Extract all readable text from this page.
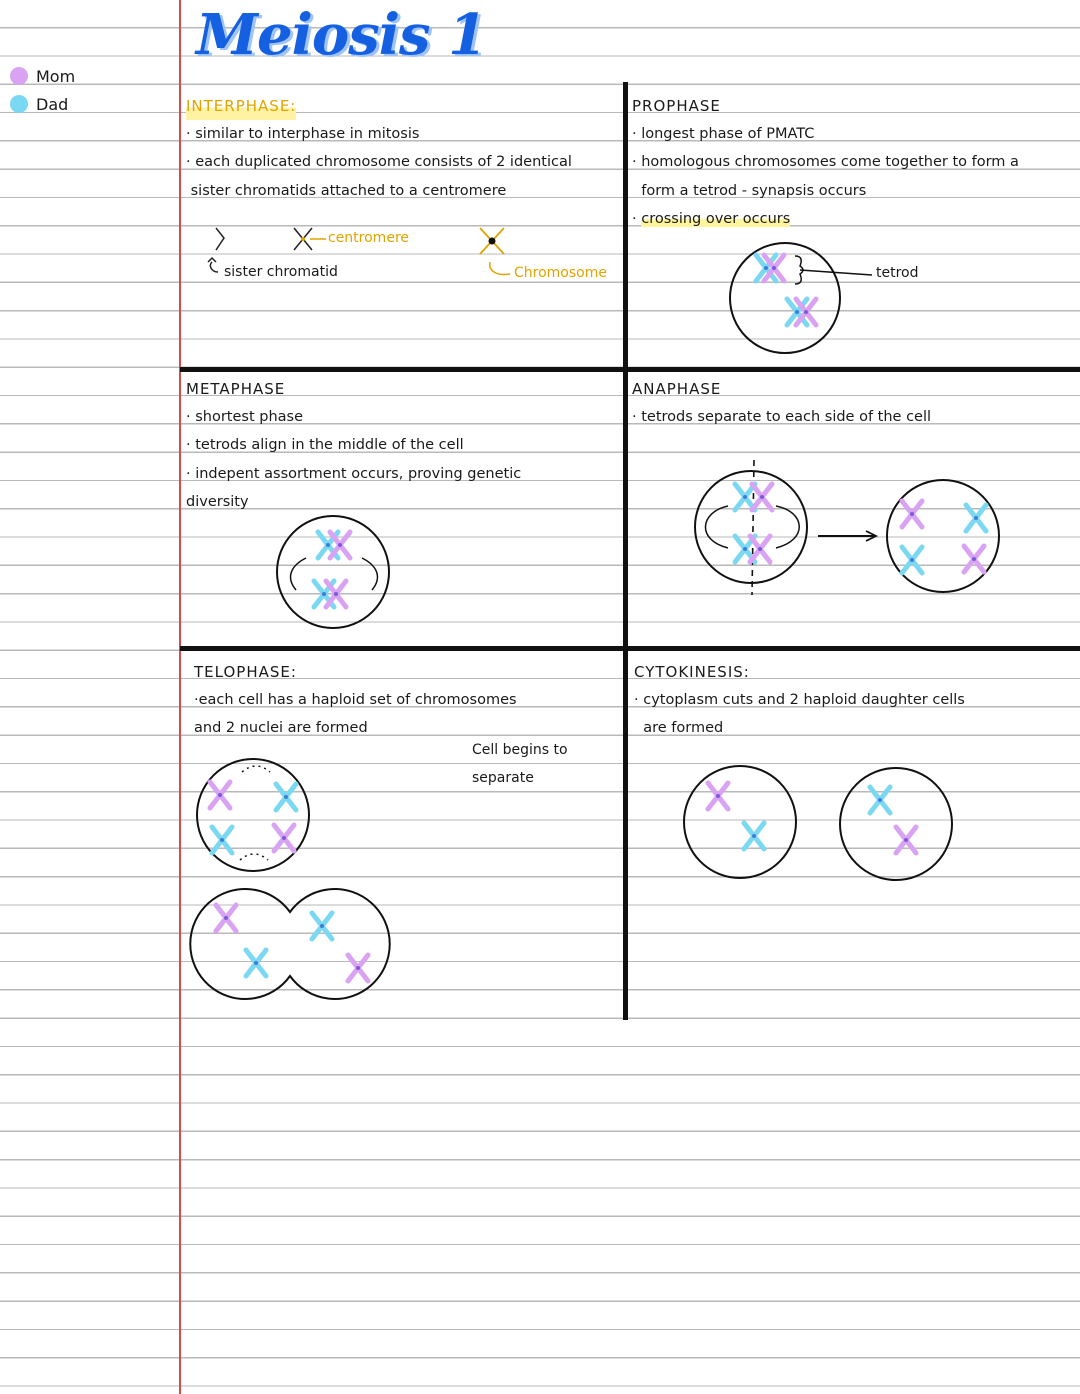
Meiosis 1
Mom
Dad	INTERPHASE:

· similar to interphase in mitosis

· each duplicated chromosome consists of 2 identical

sister chromatids attached to a centromere

centromere
sister chromatid	Chromosome

PROPHASE

· longest phase of PMATC

· homologous chromosomes come together to form a

form a tetrod - synapsis occurs

· crossing over occurs

tetrod

METAPHASE

· shortest phase

· tetrods align in the middle of the cell

· indepent assortment occurs, proving genetic

diversity

ANAPHASE

· tetrods separate to each side of the cell

TELOPHASE:

·each cell has a haploid set of chromosomes

and 2 nuclei are formed

Cell begins to
separate

CYTOKINESIS:

· cytoplasm cuts and 2 haploid daughter cells

are formed
